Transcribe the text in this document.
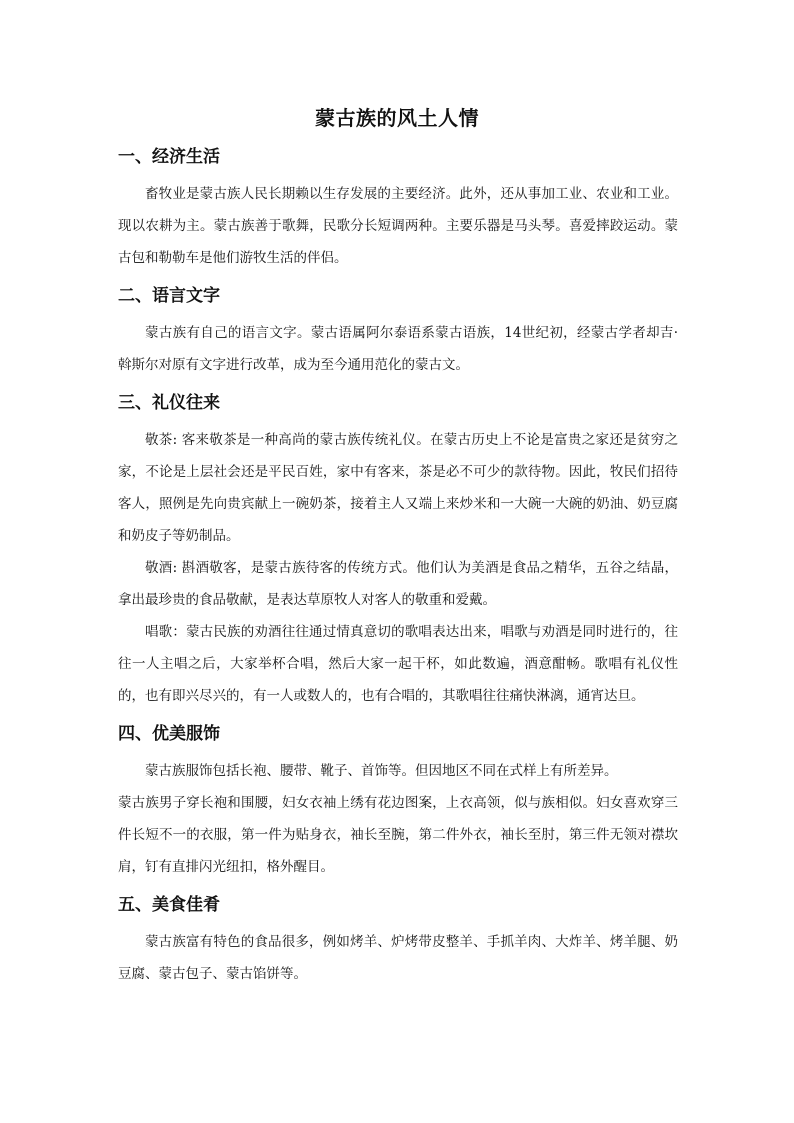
蒙古族的风土人情
一、经济生活

畜牧业是蒙古族人民长期赖以生存发展的主要经济。此外，还从事加工业、农业和工业。现以农耕为主。蒙古族善于歌舞，民歌分长短调两种。主要乐器是马头琴。喜爱摔跤运动。蒙古包和勒勒车是他们游牧生活的伴侣。

二、语言文字

蒙古族有自己的语言文字。蒙古语属阿尔泰语系蒙古语族，14世纪初，经蒙古学者却吉·斡斯尔对原有文字进行改革，成为至今通用范化的蒙古文。

三、礼仪往来

敬茶: 客来敬茶是一种高尚的蒙古族传统礼仪。在蒙古历史上不论是富贵之家还是贫穷之家，不论是上层社会还是平民百姓，家中有客来，茶是必不可少的款待物。因此，牧民们招待客人，照例是先向贵宾献上一碗奶茶，接着主人又端上来炒米和一大碗一大碗的奶油、奶豆腐和奶皮子等奶制品。

敬酒: 斟酒敬客，是蒙古族待客的传统方式。他们认为美酒是食品之精华，五谷之结晶，拿出最珍贵的食品敬献，是表达草原牧人对客人的敬重和爱戴。

唱歌：蒙古民族的劝酒往往通过情真意切的歌唱表达出来，唱歌与劝酒是同时进行的，往往一人主唱之后，大家举杯合唱，然后大家一起干杯，如此数遍，酒意酣畅。歌唱有礼仪性的，也有即兴尽兴的，有一人或数人的，也有合唱的，其歌唱往往痛快淋漓，通宵达旦。

四、优美服饰

蒙古族服饰包括长袍、腰带、靴子、首饰等。但因地区不同在式样上有所差异。

蒙古族男子穿长袍和围腰，妇女衣袖上绣有花边图案，上衣高领，似与族相似。妇女喜欢穿三件长短不一的衣服，第一件为贴身衣，袖长至腕，第二件外衣，袖长至肘，第三件无领对襟坎肩，钉有直排闪光纽扣，格外醒目。

五、美食佳肴

蒙古族富有特色的食品很多，例如烤羊、炉烤带皮整羊、手抓羊肉、大炸羊、烤羊腿、奶豆腐、蒙古包子、蒙古馅饼等。
